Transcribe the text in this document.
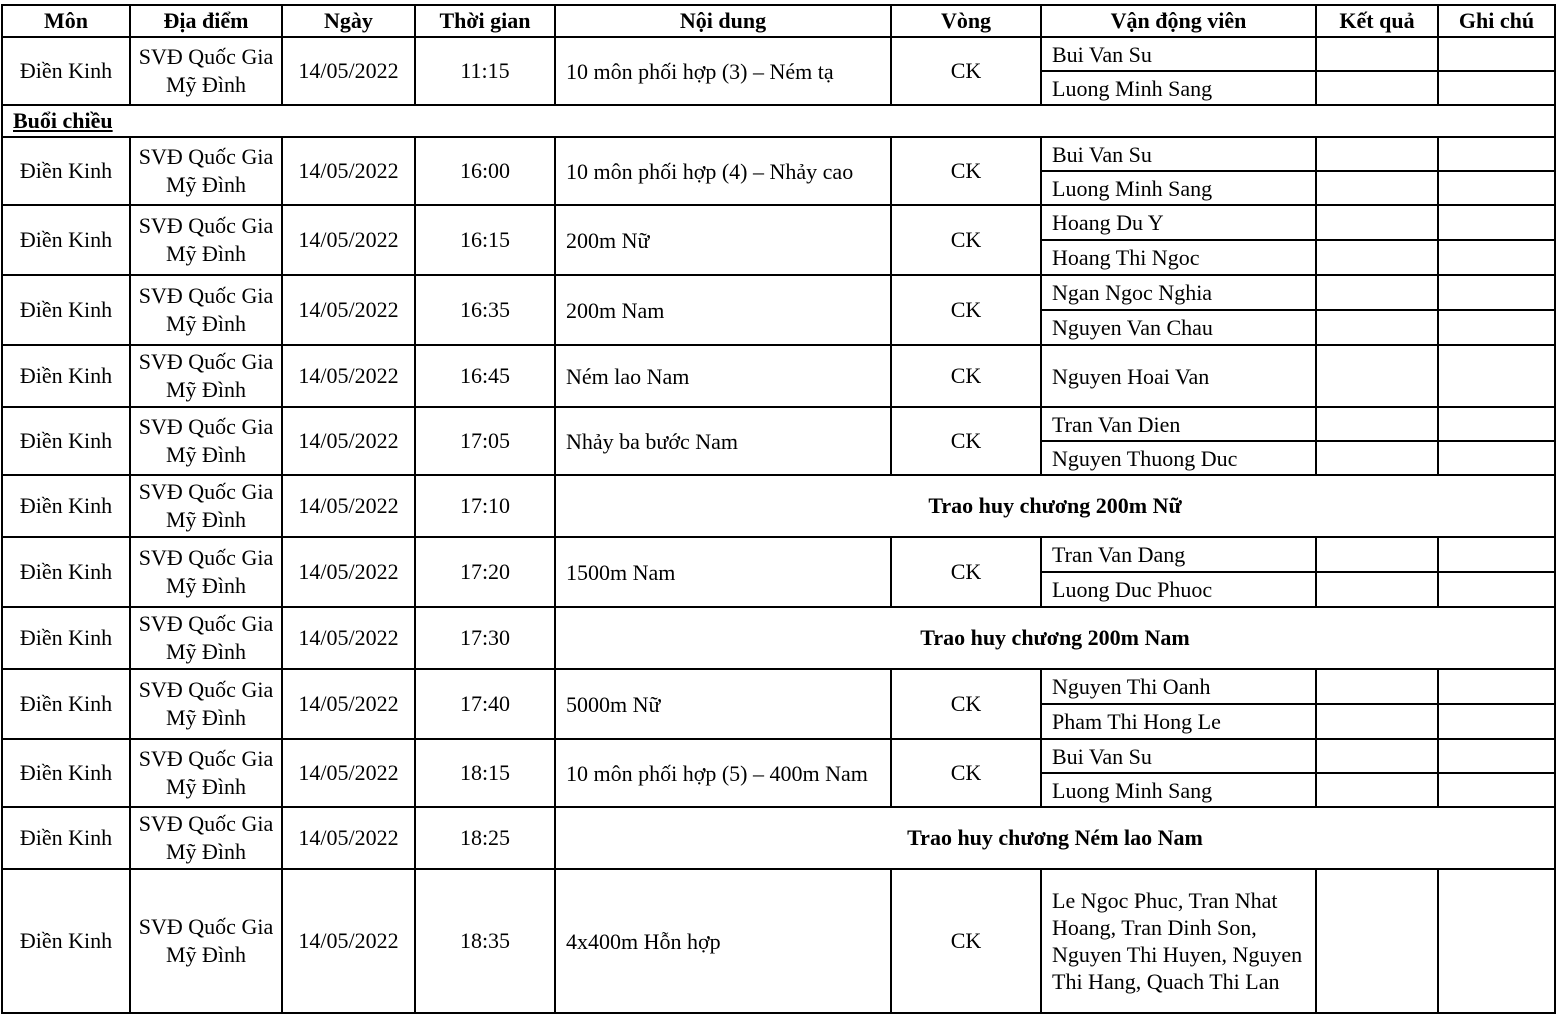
Môn	Địa điểm	Ngày	Thời gian	Nội dung	Vòng	Vận động viên	Kết quả	Ghi chú
Điền Kinh	SVĐ Quốc Gia Mỹ Đình	14/05/2022	11:15	10 môn phối hợp (3) – Ném tạ	CK	Bui Van Su		
						Luong Minh Sang		
Buổi chiều								
Điền Kinh	SVĐ Quốc Gia Mỹ Đình	14/05/2022	16:00	10 môn phối hợp (4) – Nhảy cao	CK	Bui Van Su		
						Luong Minh Sang		
Điền Kinh	SVĐ Quốc Gia Mỹ Đình	14/05/2022	16:15	200m Nữ	CK	Hoang Du Y		
						Hoang Thi Ngoc		
Điền Kinh	SVĐ Quốc Gia Mỹ Đình	14/05/2022	16:35	200m Nam	CK	Ngan Ngoc Nghia		
						Nguyen Van Chau		
Điền Kinh	SVĐ Quốc Gia Mỹ Đình	14/05/2022	16:45	Ném lao Nam	CK	Nguyen Hoai Van		
Điền Kinh	SVĐ Quốc Gia Mỹ Đình	14/05/2022	17:05	Nhảy ba bước Nam	CK	Tran Van Dien		
						Nguyen Thuong Duc		
Điền Kinh	SVĐ Quốc Gia Mỹ Đình	14/05/2022	17:10	Trao huy chương 200m Nữ				
Điền Kinh	SVĐ Quốc Gia Mỹ Đình	14/05/2022	17:20	1500m Nam	CK	Tran Van Dang		
						Luong Duc Phuoc		
Điền Kinh	SVĐ Quốc Gia Mỹ Đình	14/05/2022	17:30	Trao huy chương 200m Nam				
Điền Kinh	SVĐ Quốc Gia Mỹ Đình	14/05/2022	17:40	5000m Nữ	CK	Nguyen Thi Oanh		
						Pham Thi Hong Le		
Điền Kinh	SVĐ Quốc Gia Mỹ Đình	14/05/2022	18:15	10 môn phối hợp (5) – 400m Nam	CK	Bui Van Su		
						Luong Minh Sang		
Điền Kinh	SVĐ Quốc Gia Mỹ Đình	14/05/2022	18:25	Trao huy chương Ném lao Nam				
Điền Kinh	SVĐ Quốc Gia Mỹ Đình	14/05/2022	18:35	4x400m Hỗn hợp	CK	Le Ngoc Phuc, Tran Nhat Hoang, Tran Dinh Son, Nguyen Thi Huyen, Nguyen Thi Hang, Quach Thi Lan		
